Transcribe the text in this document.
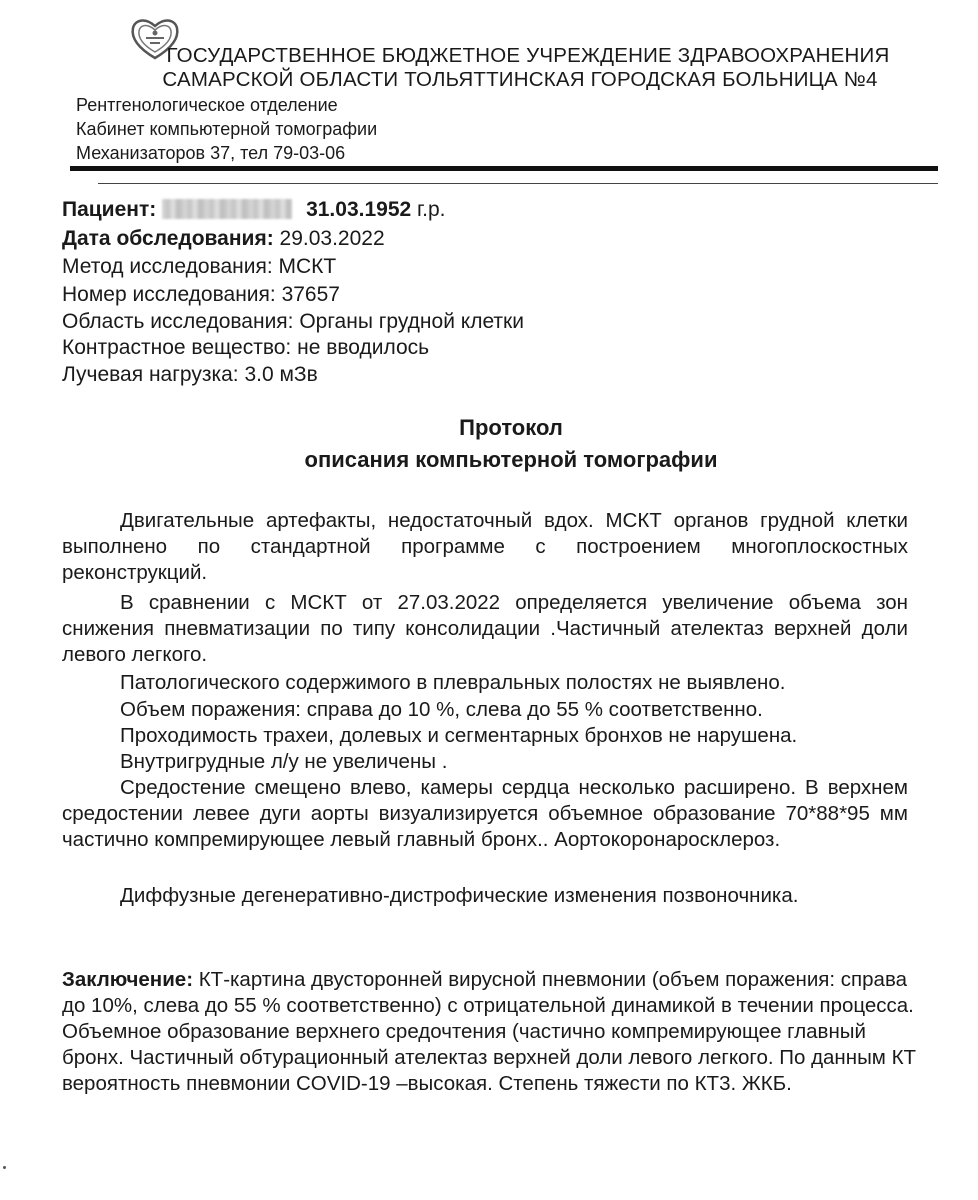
ГОСУДАРСТВЕННОЕ БЮДЖЕТНОЕ УЧРЕЖДЕНИЕ ЗДРАВООХРАНЕНИЯ
САМАРСКОЙ ОБЛАСТИ ТОЛЬЯТТИНСКАЯ ГОРОДСКАЯ БОЛЬНИЦА №4
Рентгенологическое отделение
Кабинет компьютерной томографии
Механизаторов 37, тел 79-03-06
Пациент:	31.03.1952 г.р.
Дата обследования: 29.03.2022
Метод исследования: МСКТ
Номер исследования: 37657
Область исследования: Органы грудной клетки
Контрастное вещество: не вводилось
Лучевая нагрузка: 3.0 мЗв
Протокол
описания компьютерной томографии
Двигательные артефакты, недостаточный вдох. МСКТ органов грудной клетки выполнено по стандартной программе с построением многоплоскостных реконструкций.
В сравнении с МСКТ от 27.03.2022 определяется увеличение объема зон снижения пневматизации по типу консолидации .Частичный ателектаз верхней доли левого легкого.
Патологического содержимого в плевральных полостях не выявлено.
Объем поражения: справа до 10 %, слева до 55 % соответственно.
Проходимость трахеи, долевых и сегментарных бронхов не нарушена.
Внутригрудные л/у не увеличены .
Средостение смещено влево, камеры сердца несколько расширено. В верхнем средостении левее дуги аорты визуализируется объемное образование 70*88*95 мм частично компремирующее левый главный бронх.. Аортокоронаросклероз.
Диффузные дегенеративно-дистрофические изменения позвоночника.
Заключение: КТ-картина двусторонней вирусной пневмонии (объем поражения: справа до 10%, слева до 55 % соответственно) с отрицательной динамикой в течении процесса. Объемное образование верхнего средочтения (частично компремирующее главный бронх. Частичный обтурационный ателектаз верхней доли левого легкого. По данным КТ вероятность пневмонии COVID-19 –высокая. Степень тяжести по КТ3. ЖКБ.
